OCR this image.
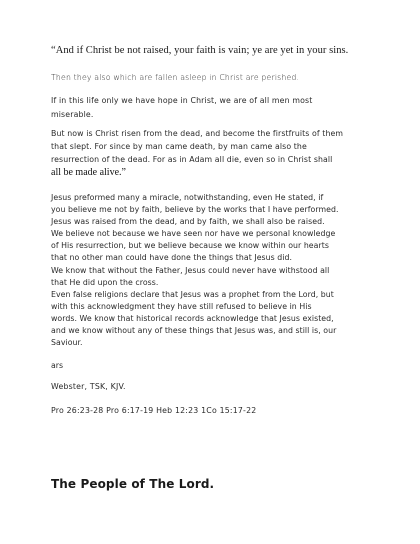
“And if Christ be not raised, your faith is vain; ye are yet in your sins.

Then they also which are fallen asleep in Christ are perished.

If in this life only we have hope in Christ, we are of all men most
miserable.
But now is Christ risen from the dead, and become the firstfruits of them
that slept. For since by man came death, by man came also the
resurrection of the dead. For as in Adam all die, even so in Christ shall
all be made alive.”
Jesus preformed many a miracle, notwithstanding, even He stated, if
you believe me not by faith, believe by the works that I have performed.
Jesus was raised from the dead, and by faith, we shall also be raised.
We believe not because we have seen nor have we personal knowledge
of His resurrection, but we believe because we know within our hearts
that no other man could have done the things that Jesus did.
We know that without the Father, Jesus could never have withstood all
that He did upon the cross.
Even false religions declare that Jesus was a prophet from the Lord, but
with this acknowledgment they have still refused to believe in His
words. We know that historical records acknowledge that Jesus existed,
and we know without any of these things that Jesus was, and still is, our
Saviour.

ars

Webster, TSK, KJV.

Pro 26:23-28 Pro 6:17-19 Heb 12:23 1Co 15:17-22

The People of The Lord.
